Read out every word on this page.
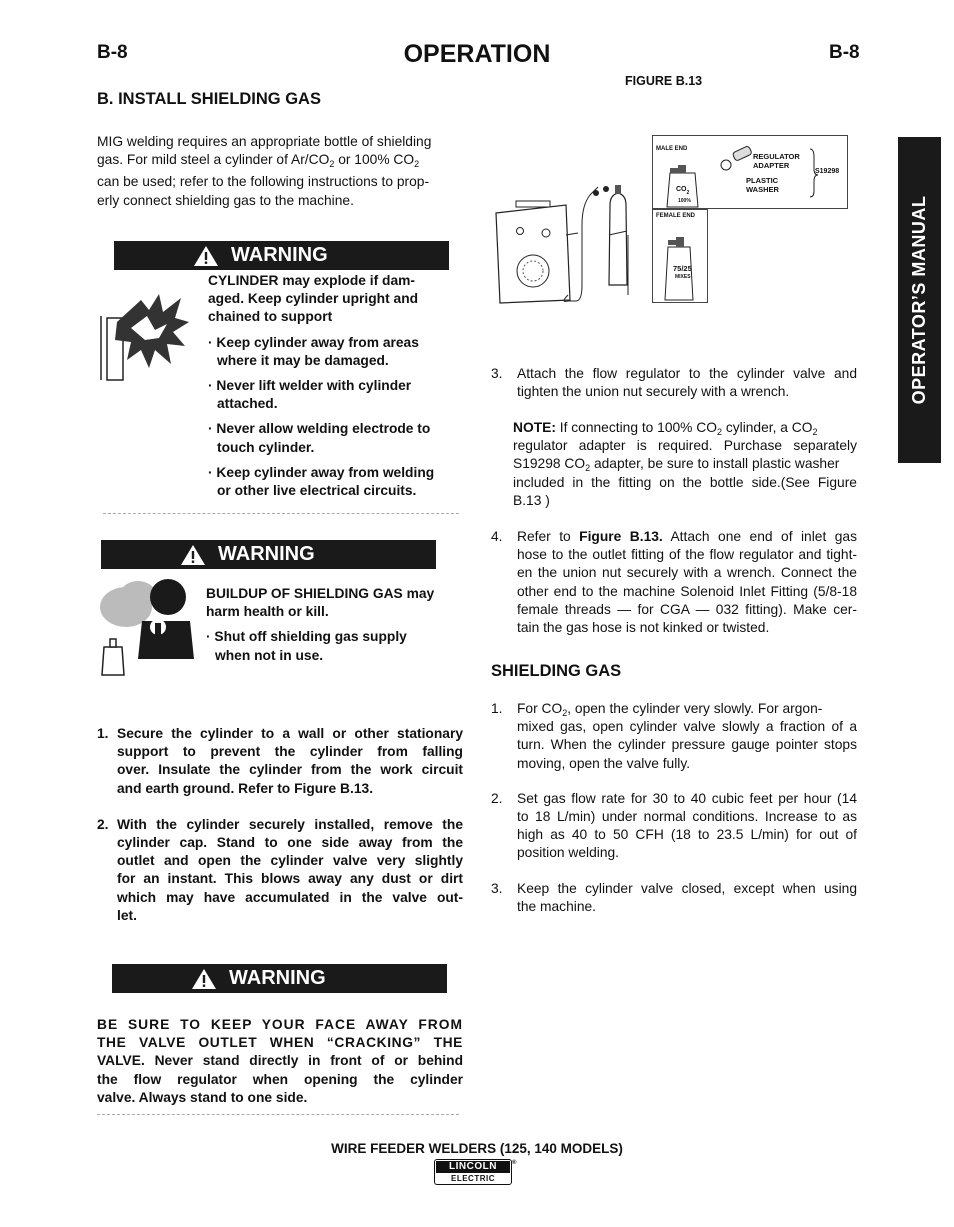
B-8	B-8
OPERATION
OPERATOR’S MANUAL
B. INSTALL SHIELDING GAS
MIG welding requires an appropriate bottle of shielding
gas. For mild steel a cylinder of $Ar/CO_2$ or 100% $CO_2$
can be used; refer to the following instructions to prop-
erly connect shielding gas to the machine.
WARNING
CYLINDER may explode if dam-
aged. Keep cylinder upright and
chained to support
· Keep cylinder away from areas
where it may be damaged.
· Never lift welder with cylinder
attached.
· Never allow welding electrode to
touch cylinder.
· Keep cylinder away from welding
or other live electrical circuits.
WARNING
BUILDUP OF SHIELDING GAS may
harm health or kill.
· Shut off shielding gas supply
when not in use.
1. Secure the cylinder to a wall or other stationary
support to prevent the cylinder from falling
over. Insulate the cylinder from the work circuit
and earth ground. Refer to Figure B.13.
2. With the cylinder securely installed, remove the
cylinder cap. Stand to one side away from the
outlet and open the cylinder valve very slightly
for an instant. This blows away any dust or dirt
which may have accumulated in the valve out-
let.
WARNING
BE SURE TO KEEP YOUR FACE AWAY FROM
THE VALVE OUTLET WHEN “CRACKING” THE
VALVE. Never stand directly in front of or behind
the flow regulator when opening the cylinder
valve. Always stand to one side.
FIGURE B.13
MALE END
FEMALE END
REGULATOR
ADAPTER
PLASTIC
WASHER
S19298
$CO_2$
100%
75/25
MIXES
3.	Attach the flow regulator to the cylinder valve and
tighten the union nut securely with a wrench.
NOTE: If connecting to 100% $CO_2$ cylinder, a $CO_2$
regulator adapter is required. Purchase separately
S19298 $CO_2$ adapter, be sure to install plastic washer
included in the fitting on the bottle side.(See Figure
B.13 )
4.	Refer to Figure B.13. Attach one end of inlet gas
hose to the outlet fitting of the flow regulator and tight-
en the union nut securely with a wrench. Connect the
other end to the machine Solenoid Inlet Fitting (5/8-18
female threads — for CGA — 032 fitting). Make cer-
tain the gas hose is not kinked or twisted.
SHIELDING GAS
1.	For $CO_2$, open the cylinder very slowly. For argon-
mixed gas, open cylinder valve slowly a fraction of a
turn. When the cylinder pressure gauge pointer stops
moving, open the valve fully.
2.	Set gas flow rate for 30 to 40 cubic feet per hour (14
to 18 L/min) under normal conditions. Increase to as
high as 40 to 50 CFH (18 to 23.5 L/min) for out of
position welding.
3.	Keep the cylinder valve closed, except when using
the machine.
WIRE FEEDER WELDERS (125, 140 MODELS)
LINCOLN
ELECTRIC
®
